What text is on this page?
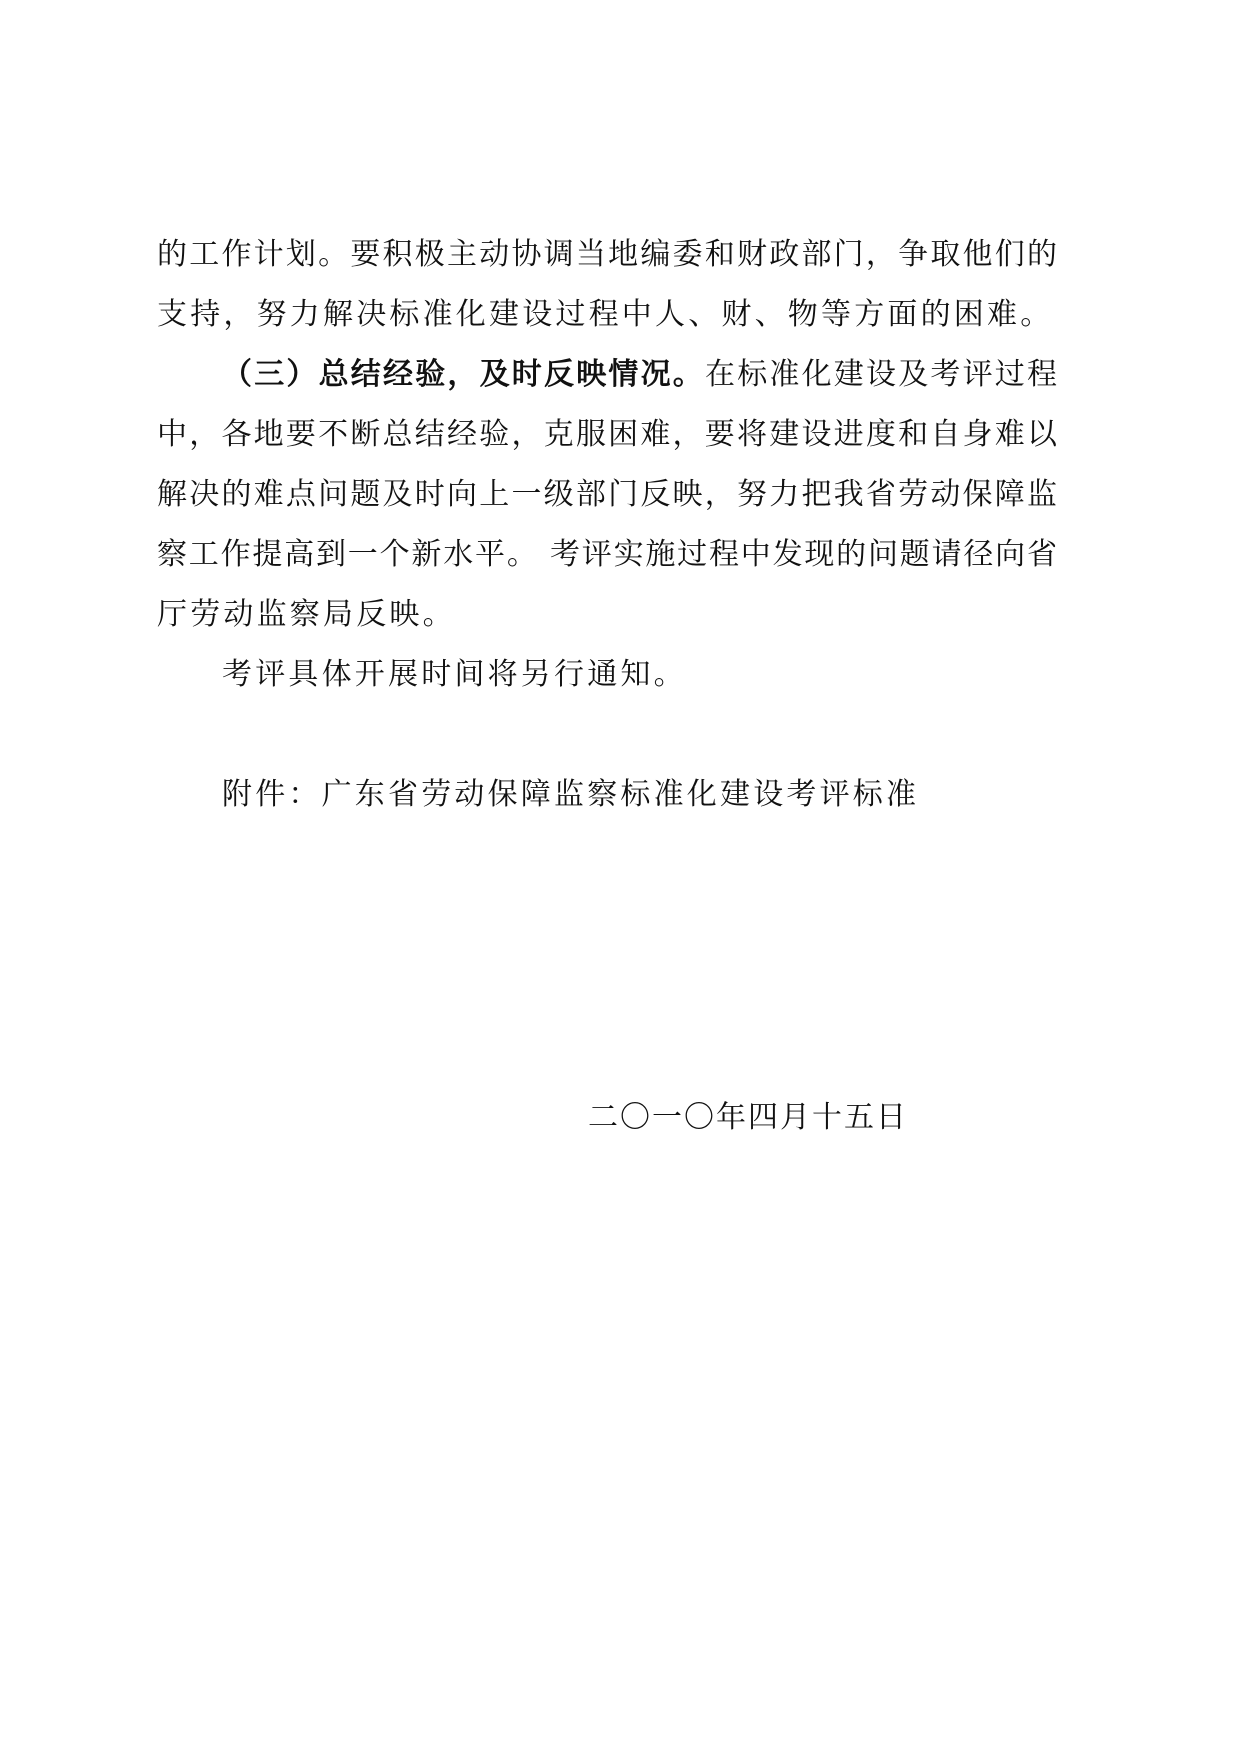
的工作计划。要积极主动协调当地编委和财政部门，争取他们的
支持，努力解决标准化建设过程中人、财、物等方面的困难。
（三）总结经验，及时反映情况。在标准化建设及考评过程
中，各地要不断总结经验，克服困难，要将建设进度和自身难以
解决的难点问题及时向上一级部门反映，努力把我省劳动保障监
察工作提高到一个新水平。 考评实施过程中发现的问题请径向省
厅劳动监察局反映。
考评具体开展时间将另行通知。
附件：广东省劳动保障监察标准化建设考评标准
二〇一〇年四月十五日
